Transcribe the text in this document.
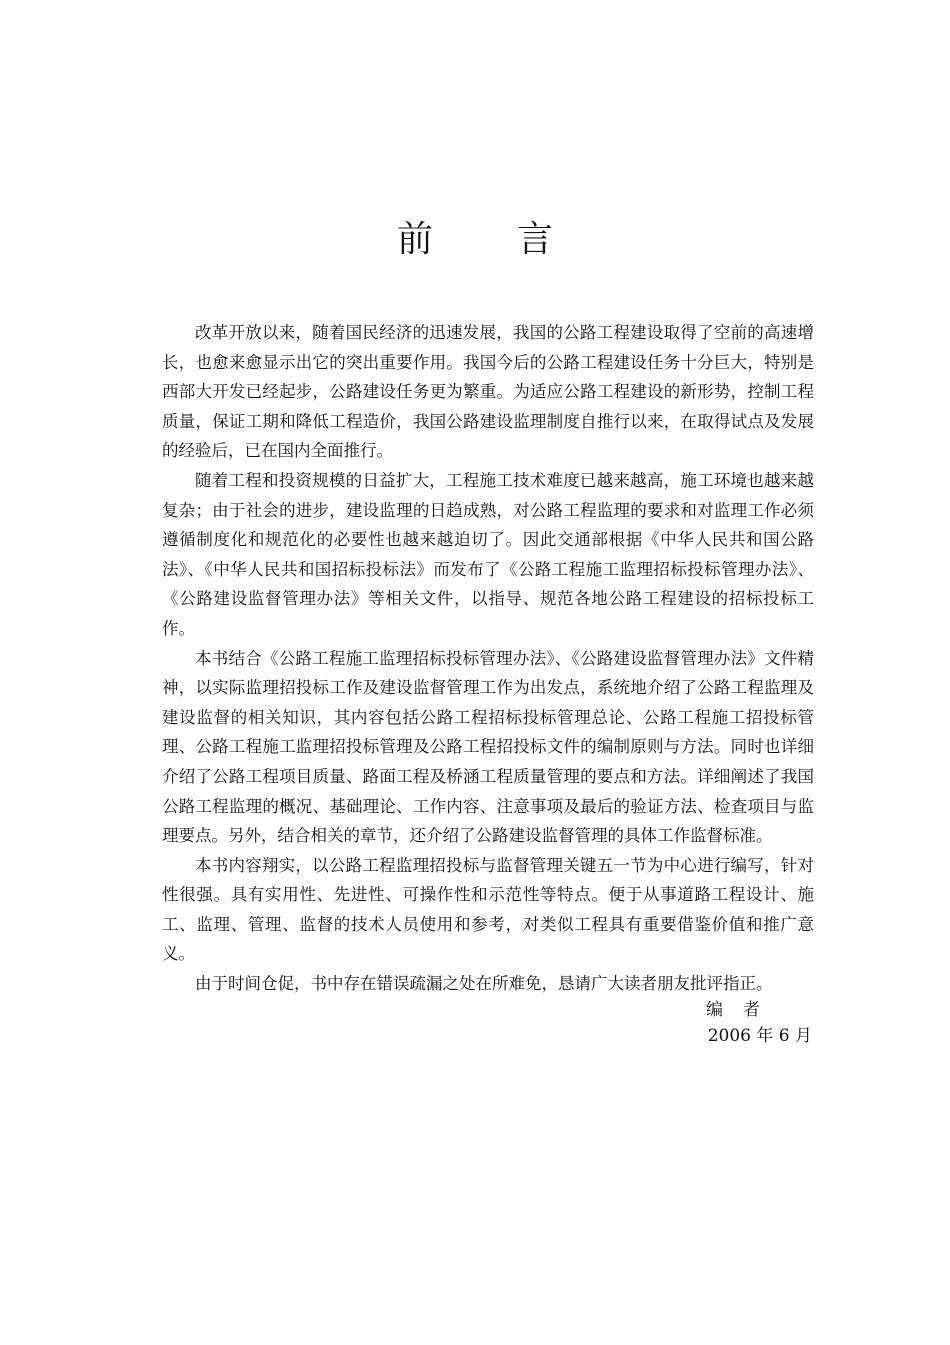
前 言

改革开放以来，随着国民经济的迅速发展，我国的公路工程建设取得了空前的高速增长，也愈来愈显示出它的突出重要作用。我国今后的公路工程建设任务十分巨大，特别是西部大开发已经起步，公路建设任务更为繁重。为适应公路工程建设的新形势，控制工程质量，保证工期和降低工程造价，我国公路建设监理制度自推行以来，在取得试点及发展的经验后，已在国内全面推行。

随着工程和投资规模的日益扩大，工程施工技术难度已越来越高，施工环境也越来越复杂；由于社会的进步，建设监理的日趋成熟，对公路工程监理的要求和对监理工作必须遵循制度化和规范化的必要性也越来越迫切了。因此交通部根据《中华人民共和国公路法》、《中华人民共和国招标投标法》而发布了《公路工程施工监理招标投标管理办法》、《公路建设监督管理办法》等相关文件，以指导、规范各地公路工程建设的招标投标工作。

本书结合《公路工程施工监理招标投标管理办法》、《公路建设监督管理办法》文件精神，以实际监理招投标工作及建设监督管理工作为出发点，系统地介绍了公路工程监理及建设监督的相关知识，其内容包括公路工程招标投标管理总论、公路工程施工招投标管理、公路工程施工监理招投标管理及公路工程招投标文件的编制原则与方法。同时也详细介绍了公路工程项目质量、路面工程及桥涵工程质量管理的要点和方法。详细阐述了我国公路工程监理的概况、基础理论、工作内容、注意事项及最后的验证方法、检查项目与监理要点。另外，结合相关的章节，还介绍了公路建设监督管理的具体工作监督标准。

本书内容翔实，以公路工程监理招投标与监督管理关键五一节为中心进行编写，针对性很强。具有实用性、先进性、可操作性和示范性等特点。便于从事道路工程设计、施工、监理、管理、监督的技术人员使用和参考，对类似工程具有重要借鉴价值和推广意义。

由于时间仓促，书中存在错误疏漏之处在所难免，恳请广大读者朋友批评指正。

编者
2006 年 6 月
